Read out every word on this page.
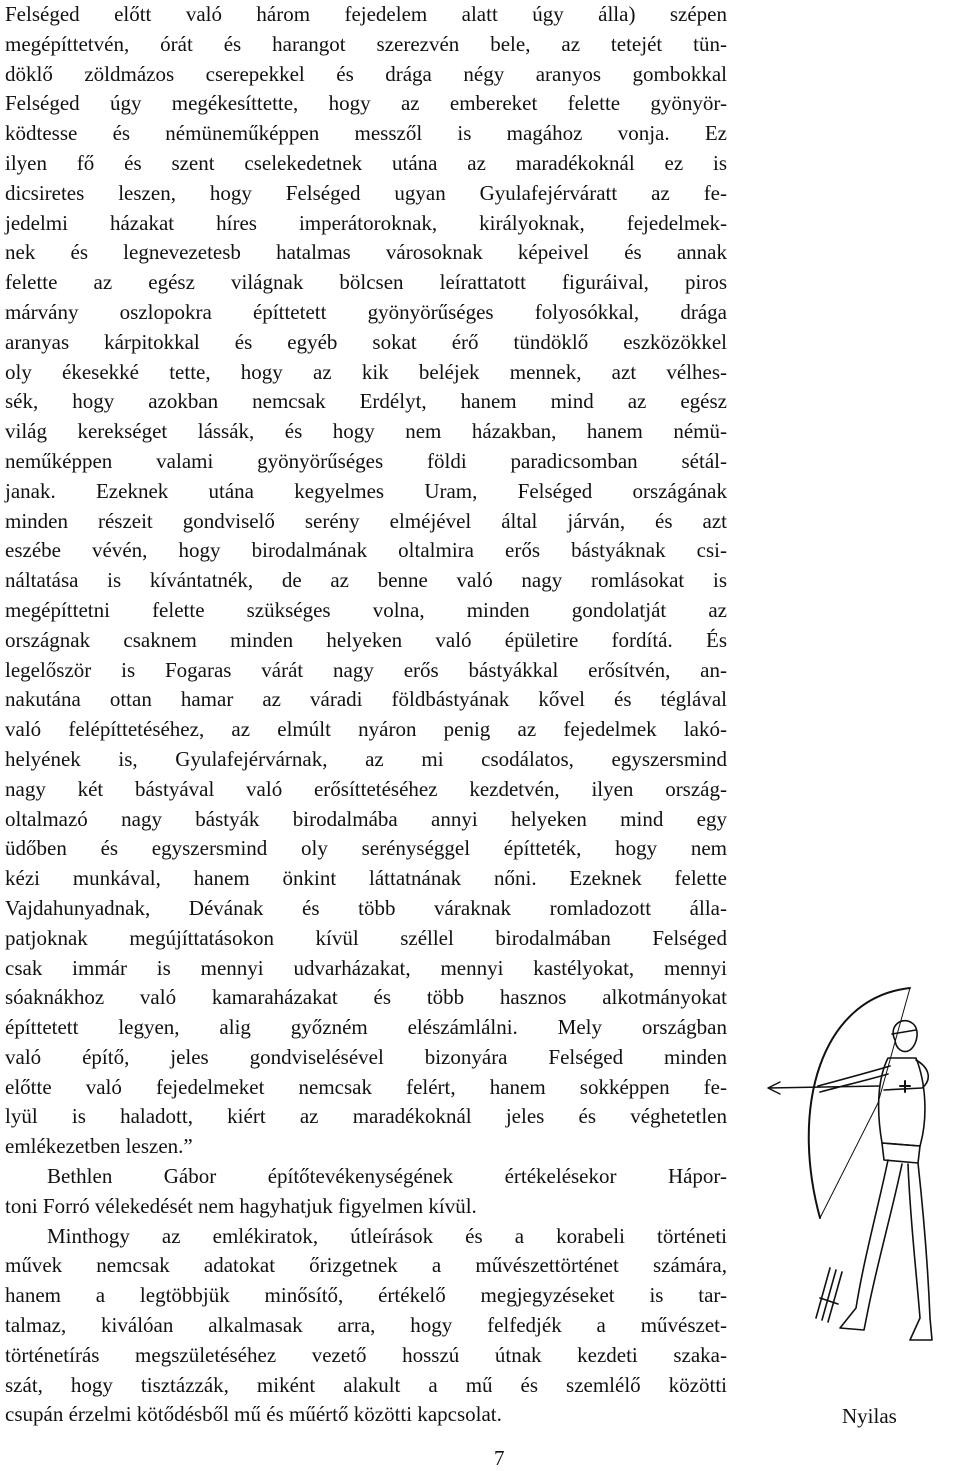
Felséged előtt való három fejedelem alatt úgy álla) szépen
megépíttetvén, órát és harangot szerezvén bele, az tetejét tün-
döklő zöldmázos cserepekkel és drága négy aranyos gombokkal
Felséged úgy megékesíttette, hogy az embereket felette gyönyör-
ködtesse és némüneműképpen messzől is magához vonja. Ez
ilyen fő és szent cselekedetnek utána az maradékoknál ez is
dicsiretes leszen, hogy Felséged ugyan Gyulafejérváratt az fe-
jedelmi házakat híres imperátoroknak, királyoknak, fejedelmek-
nek és legnevezetesb hatalmas városoknak képeivel és annak
felette az egész világnak bölcsen leírattatott figuráival, piros
márvány oszlopokra építtetett gyönyörűséges folyosókkal, drága
aranyas kárpitokkal és egyéb sokat érő tündöklő eszközökkel
oly ékesekké tette, hogy az kik beléjek mennek, azt vélhes-
sék, hogy azokban nemcsak Erdélyt, hanem mind az egész
világ kerekséget lássák, és hogy nem házakban, hanem némü-
neműképpen valami gyönyörűséges földi paradicsomban sétál-
janak. Ezeknek utána kegyelmes Uram, Felséged országának
minden részeit gondviselő serény elméjével által járván, és azt
eszébe vévén, hogy birodalmának oltalmira erős bástyáknak csi-
náltatása is kívántatnék, de az benne való nagy romlásokat is
megépíttetni felette szükséges volna, minden gondolatját az
országnak csaknem minden helyeken való épületire fordítá. És
legelőször is Fogaras várát nagy erős bástyákkal erősítvén, an-
nakutána ottan hamar az váradi földbástyának kővel és téglával
való felépíttetéséhez, az elmúlt nyáron penig az fejedelmek lakó-
helyének is, Gyulafejérvárnak, az mi csodálatos, egyszersmind
nagy két bástyával való erősíttetéséhez kezdetvén, ilyen ország-
oltalmazó nagy bástyák birodalmába annyi helyeken mind egy
üdőben és egyszersmind oly serénységgel építteték, hogy nem
kézi munkával, hanem önkint láttatnának nőni. Ezeknek felette
Vajdahunyadnak, Dévának és több váraknak romladozott álla-
patjoknak megújíttatásokon kívül széllel birodalmában Felséged
csak immár is mennyi udvarházakat, mennyi kastélyokat, mennyi
sóaknákhoz való kamaraházakat és több hasznos alkotmányokat
építtetett legyen, alig győzném elészámlálni. Mely országban
való építő, jeles gondviselésével bizonyára Felséged minden
előtte való fejedelmeket nemcsak felért, hanem sokképpen fe-
lyül is haladott, kiért az maradékoknál jeles és véghetetlen
emlékezetben leszen.”
Bethlen Gábor építőtevékenységének értékelésekor Hápor-
toni Forró vélekedését nem hagyhatjuk figyelmen kívül.
Minthogy az emlékiratok, útleírások és a korabeli történeti
művek nemcsak adatokat őrizgetnek a művészettörténet számára,
hanem a legtöbbjük minősítő, értékelő megjegyzéseket is tar-
talmaz, kiválóan alkalmasak arra, hogy felfedjék a művészet-
történetírás megszületéséhez vezető hosszú útnak kezdeti szaka-
szát, hogy tisztázzák, miként alakult a mű és szemlélő közötti
csupán érzelmi kötődésből mű és műértő közötti kapcsolat.	Nyilas
7
